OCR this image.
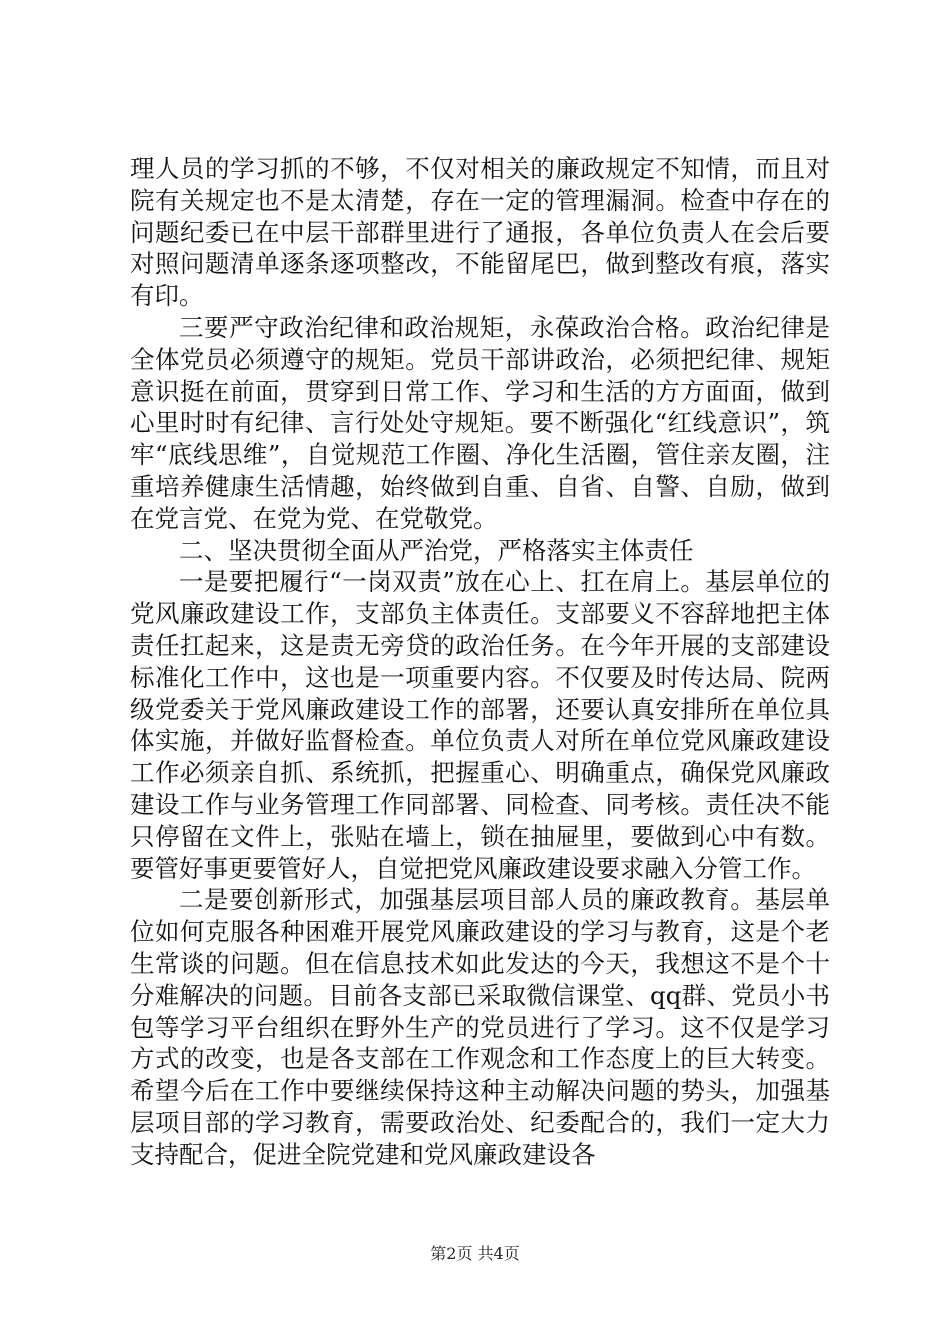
理人员的学习抓的不够，不仅对相关的廉政规定不知情，而且对院有关规定也不是太清楚，存在一定的管理漏洞。检查中存在的问题纪委已在中层干部群里进行了通报，各单位负责人在会后要对照问题清单逐条逐项整改，不能留尾巴，做到整改有痕，落实有印。

三要严守政治纪律和政治规矩，永葆政治合格。政治纪律是全体党员必须遵守的规矩。党员干部讲政治，必须把纪律、规矩意识挺在前面，贯穿到日常工作、学习和生活的方方面面，做到心里时时有纪律、言行处处守规矩。要不断强化“红线意识”，筑牢“底线思维”，自觉规范工作圈、净化生活圈，管住亲友圈，注重培养健康生活情趣，始终做到自重、自省、自警、自励，做到在党言党、在党为党、在党敬党。

二、坚决贯彻全面从严治党，严格落实主体责任

一是要把履行“一岗双责”放在心上、扛在肩上。基层单位的党风廉政建设工作，支部负主体责任。支部要义不容辞地把主体责任扛起来，这是责无旁贷的政治任务。在今年开展的支部建设标准化工作中，这也是一项重要内容。不仅要及时传达局、院两级党委关于党风廉政建设工作的部署，还要认真安排所在单位具体实施，并做好监督检查。单位负责人对所在单位党风廉政建设工作必须亲自抓、系统抓，把握重心、明确重点，确保党风廉政建设工作与业务管理工作同部署、同检查、同考核。责任决不能只停留在文件上，张贴在墙上，锁在抽屉里，要做到心中有数。要管好事更要管好人，自觉把党风廉政建设要求融入分管工作。

二是要创新形式，加强基层项目部人员的廉政教育。基层单位如何克服各种困难开展党风廉政建设的学习与教育，这是个老生常谈的问题。但在信息技术如此发达的今天，我想这不是个十分难解决的问题。目前各支部已采取微信课堂、qq群、党员小书包等学习平台组织在野外生产的党员进行了学习。这不仅是学习方式的改变，也是各支部在工作观念和工作态度上的巨大转变。希望今后在工作中要继续保持这种主动解决问题的势头，加强基层项目部的学习教育，需要政治处、纪委配合的，我们一定大力支持配合，促进全院党建和党风廉政建设各

第2页 共4页
